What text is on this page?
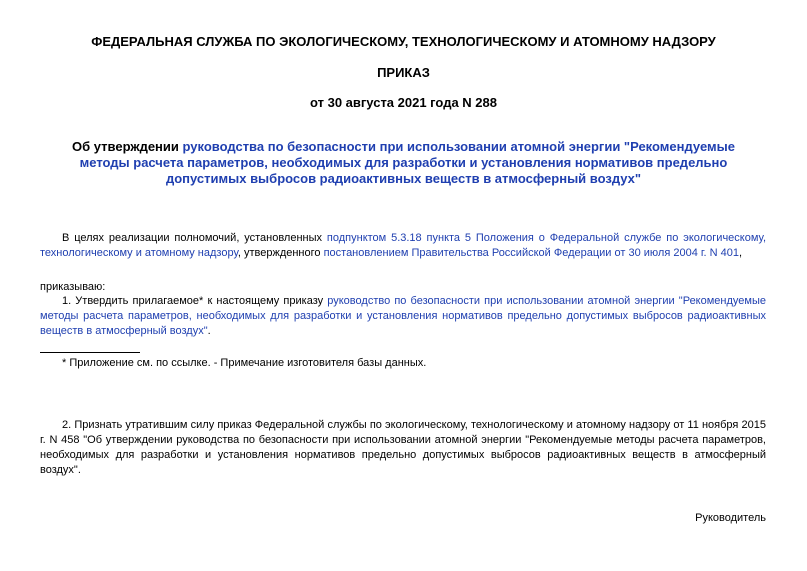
ФЕДЕРАЛЬНАЯ СЛУЖБА ПО ЭКОЛОГИЧЕСКОМУ, ТЕХНОЛОГИЧЕСКОМУ И АТОМНОМУ НАДЗОРУ
ПРИКАЗ
от 30 августа 2021 года N 288
Об утверждении руководства по безопасности при использовании атомной энергии "Рекомендуемые методы расчета параметров, необходимых для разработки и установления нормативов предельно допустимых выбросов радиоактивных веществ в атмосферный воздух"
В целях реализации полномочий, установленных подпунктом 5.3.18 пункта 5 Положения о Федеральной службе по экологическому, технологическому и атомному надзору, утвержденного постановлением Правительства Российской Федерации от 30 июля 2004 г. N 401,
приказываю:
1. Утвердить прилагаемое* к настоящему приказу руководство по безопасности при использовании атомной энергии "Рекомендуемые методы расчета параметров, необходимых для разработки и установления нормативов предельно допустимых выбросов радиоактивных веществ в атмосферный воздух".
* Приложение см. по ссылке. - Примечание изготовителя базы данных.
2. Признать утратившим силу приказ Федеральной службы по экологическому, технологическому и атомному надзору от 11 ноября 2015 г. N 458 "Об утверждении руководства по безопасности при использовании атомной энергии "Рекомендуемые методы расчета параметров, необходимых для разработки и установления нормативов предельно допустимых выбросов радиоактивных веществ в атмосферный воздух".
Руководитель
